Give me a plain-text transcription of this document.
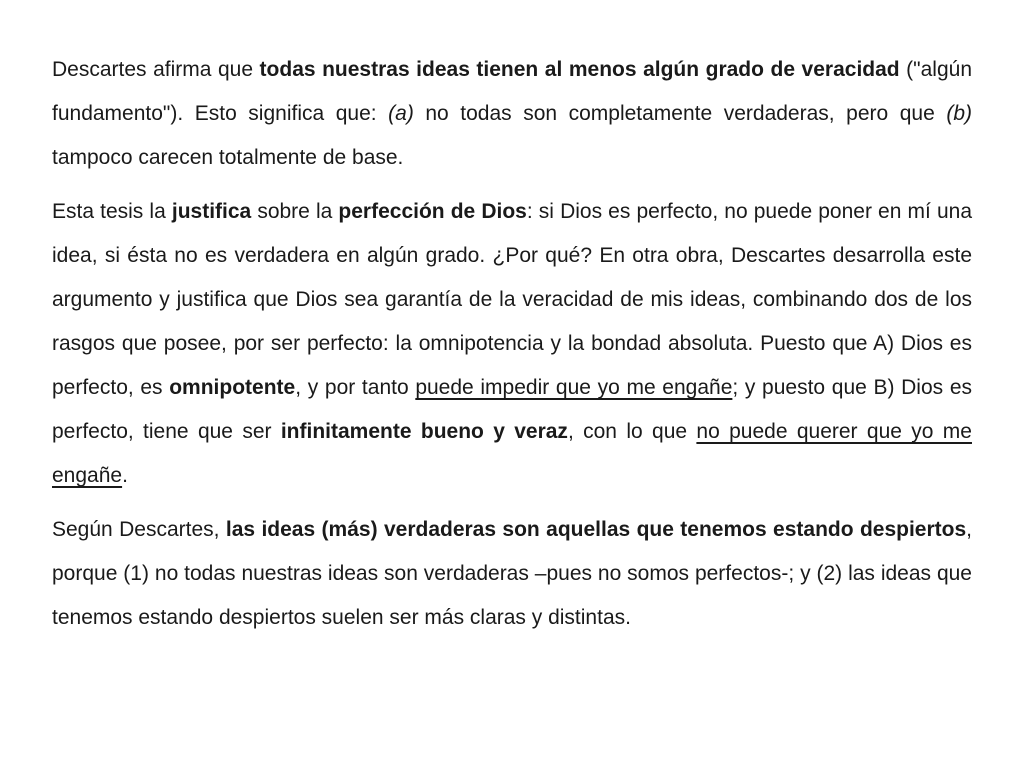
Descartes afirma que todas nuestras ideas tienen al menos algún grado de veracidad ("algún fundamento"). Esto significa que: (a) no todas son completamente verdaderas, pero que (b) tampoco carecen totalmente de base.

Esta tesis la justifica sobre la perfección de Dios: si Dios es perfecto, no puede poner en mí una idea, si ésta no es verdadera en algún grado. ¿Por qué? En otra obra, Descartes desarrolla este argumento y justifica que Dios sea garantía de la veracidad de mis ideas, combinando dos de los rasgos que posee, por ser perfecto: la omnipotencia y la bondad absoluta. Puesto que A) Dios es perfecto, es omnipotente, y por tanto puede impedir que yo me engañe; y puesto que B) Dios es perfecto, tiene que ser infinitamente bueno y veraz, con lo que no puede querer que yo me engañe.

Según Descartes, las ideas (más) verdaderas son aquellas que tenemos estando despiertos, porque (1) no todas nuestras ideas son verdaderas –pues no somos perfectos-; y (2) las ideas que tenemos estando despiertos suelen ser más claras y distintas.
